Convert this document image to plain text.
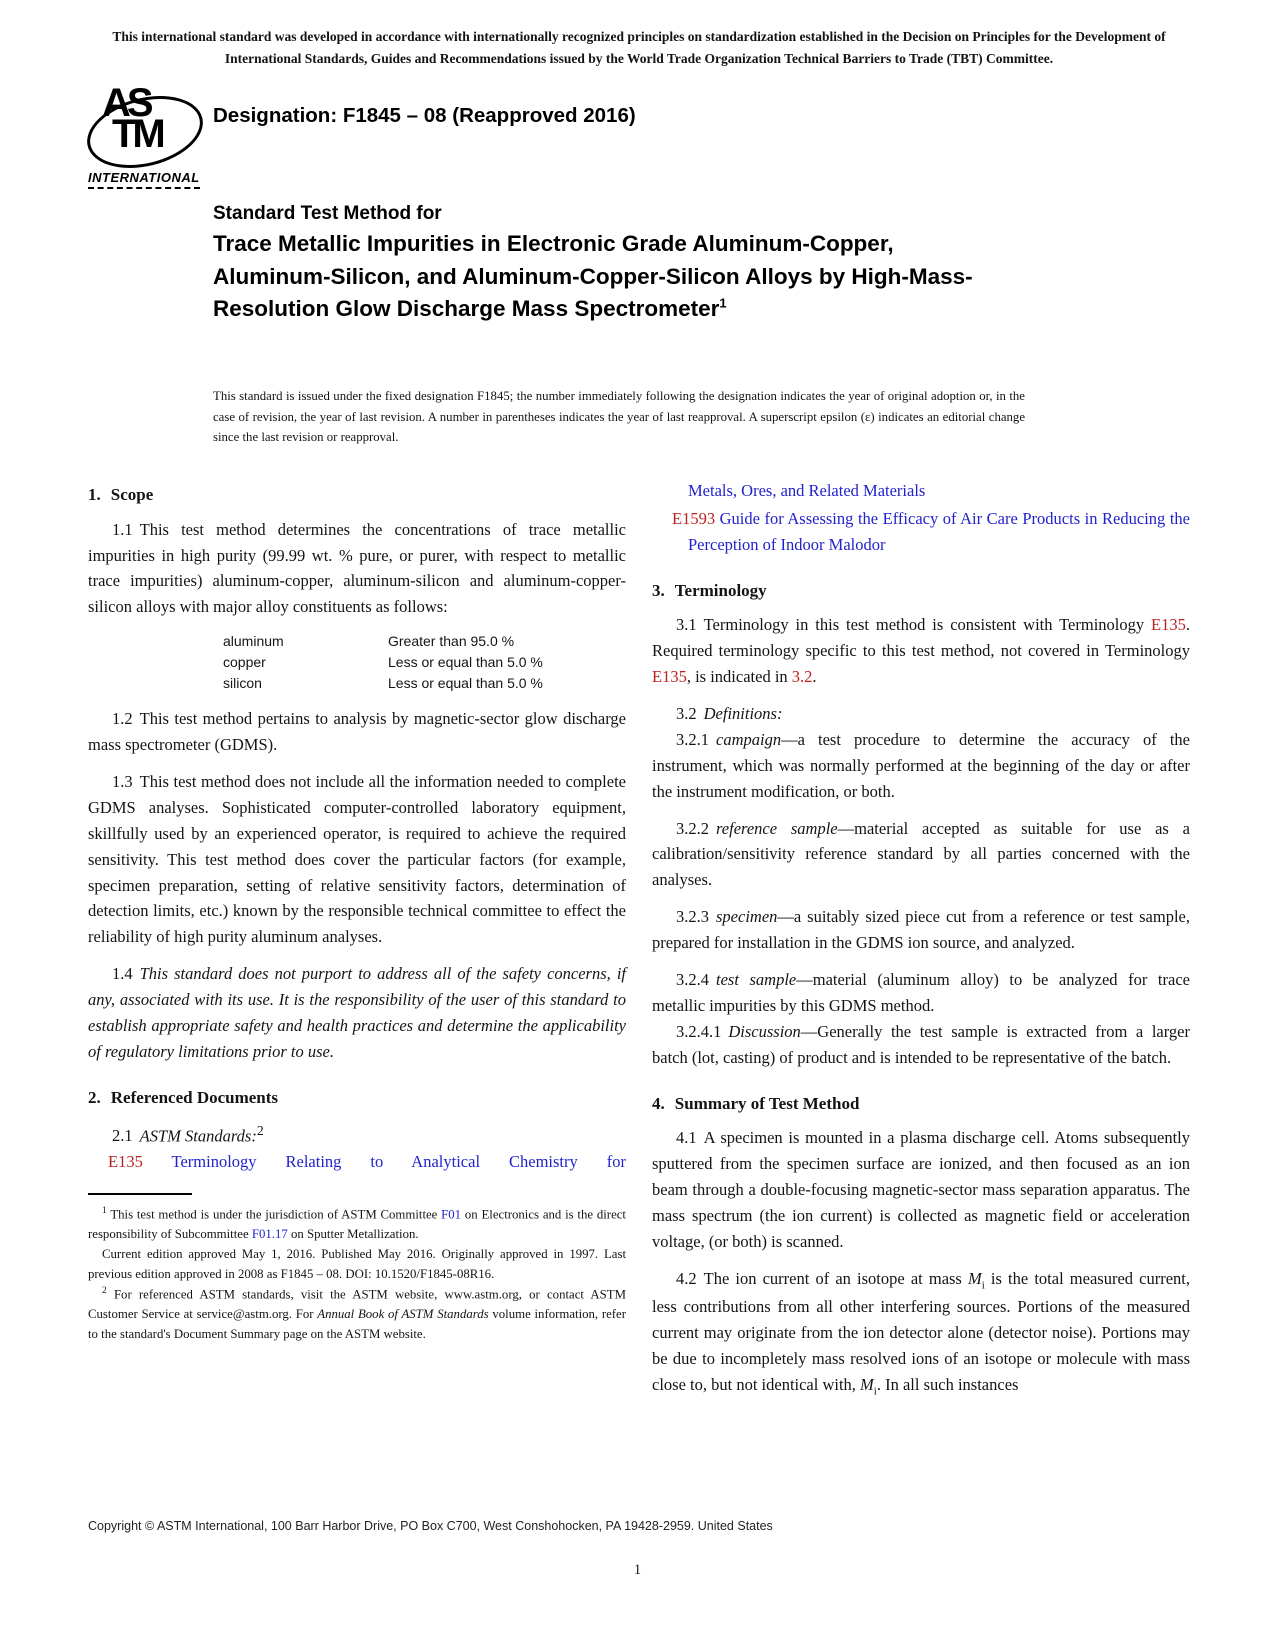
This international standard was developed in accordance with internationally recognized principles on standardization established in the Decision on Principles for the Development of International Standards, Guides and Recommendations issued by the World Trade Organization Technical Barriers to Trade (TBT) Committee.
AS
TM
INTERNATIONAL
Designation: F1845 – 08 (Reapproved 2016)
Standard Test Method for
Trace Metallic Impurities in Electronic Grade Aluminum-Copper, Aluminum-Silicon, and Aluminum-Copper-Silicon Alloys by High-Mass-Resolution Glow Discharge Mass Spectrometer$^1$
This standard is issued under the fixed designation F1845; the number immediately following the designation indicates the year of original adoption or, in the case of revision, the year of last revision. A number in parentheses indicates the year of last reapproval. A superscript epsilon (ε) indicates an editorial change since the last revision or reapproval.
1. Scope

1.1 This test method determines the concentrations of trace metallic impurities in high purity (99.99 wt. % pure, or purer, with respect to metallic trace impurities) aluminum-copper, aluminum-silicon and aluminum-copper-silicon alloys with major alloy constituents as follows:

aluminum	Greater than 95.0 %
copper	Less or equal than 5.0 %
silicon	Less or equal than 5.0 %

1.2 This test method pertains to analysis by magnetic-sector glow discharge mass spectrometer (GDMS).

1.3 This test method does not include all the information needed to complete GDMS analyses. Sophisticated computer-controlled laboratory equipment, skillfully used by an experienced operator, is required to achieve the required sensitivity. This test method does cover the particular factors (for example, specimen preparation, setting of relative sensitivity factors, determination of detection limits, etc.) known by the responsible technical committee to effect the reliability of high purity aluminum analyses.

1.4 This standard does not purport to address all of the safety concerns, if any, associated with its use. It is the responsibility of the user of this standard to establish appropriate safety and health practices and determine the applicability of regulatory limitations prior to use.

2. Referenced Documents

2.1 ASTM Standards:$^2$

E135 Terminology Relating to Analytical Chemistry for

$^1$ This test method is under the jurisdiction of ASTM Committee F01 on Electronics and is the direct responsibility of Subcommittee F01.17 on Sputter Metallization.

Current edition approved May 1, 2016. Published May 2016. Originally approved in 1997. Last previous edition approved in 2008 as F1845 – 08. DOI: 10.1520/F1845-08R16.

$^2$ For referenced ASTM standards, visit the ASTM website, www.astm.org, or contact ASTM Customer Service at service@astm.org. For Annual Book of ASTM Standards volume information, refer to the standard's Document Summary page on the ASTM website.

Metals, Ores, and Related Materials

E1593 Guide for Assessing the Efficacy of Air Care Products in Reducing the Perception of Indoor Malodor

3. Terminology

3.1 Terminology in this test method is consistent with Terminology E135. Required terminology specific to this test method, not covered in Terminology E135, is indicated in 3.2.

3.2 Definitions:

3.2.1 campaign—a test procedure to determine the accuracy of the instrument, which was normally performed at the beginning of the day or after the instrument modification, or both.

3.2.2 reference sample—material accepted as suitable for use as a calibration/sensitivity reference standard by all parties concerned with the analyses.

3.2.3 specimen—a suitably sized piece cut from a reference or test sample, prepared for installation in the GDMS ion source, and analyzed.

3.2.4 test sample—material (aluminum alloy) to be analyzed for trace metallic impurities by this GDMS method.

3.2.4.1 Discussion—Generally the test sample is extracted from a larger batch (lot, casting) of product and is intended to be representative of the batch.

4. Summary of Test Method

4.1 A specimen is mounted in a plasma discharge cell. Atoms subsequently sputtered from the specimen surface are ionized, and then focused as an ion beam through a double-focusing magnetic-sector mass separation apparatus. The mass spectrum (the ion current) is collected as magnetic field or acceleration voltage, (or both) is scanned.

4.2 The ion current of an isotope at mass $M_i$ is the total measured current, less contributions from all other interfering sources. Portions of the measured current may originate from the ion detector alone (detector noise). Portions may be due to incompletely mass resolved ions of an isotope or molecule with mass close to, but not identical with, $M_i$. In all such instances

Copyright © ASTM International, 100 Barr Harbor Drive, PO Box C700, West Conshohocken, PA 19428-2959. United States
1
